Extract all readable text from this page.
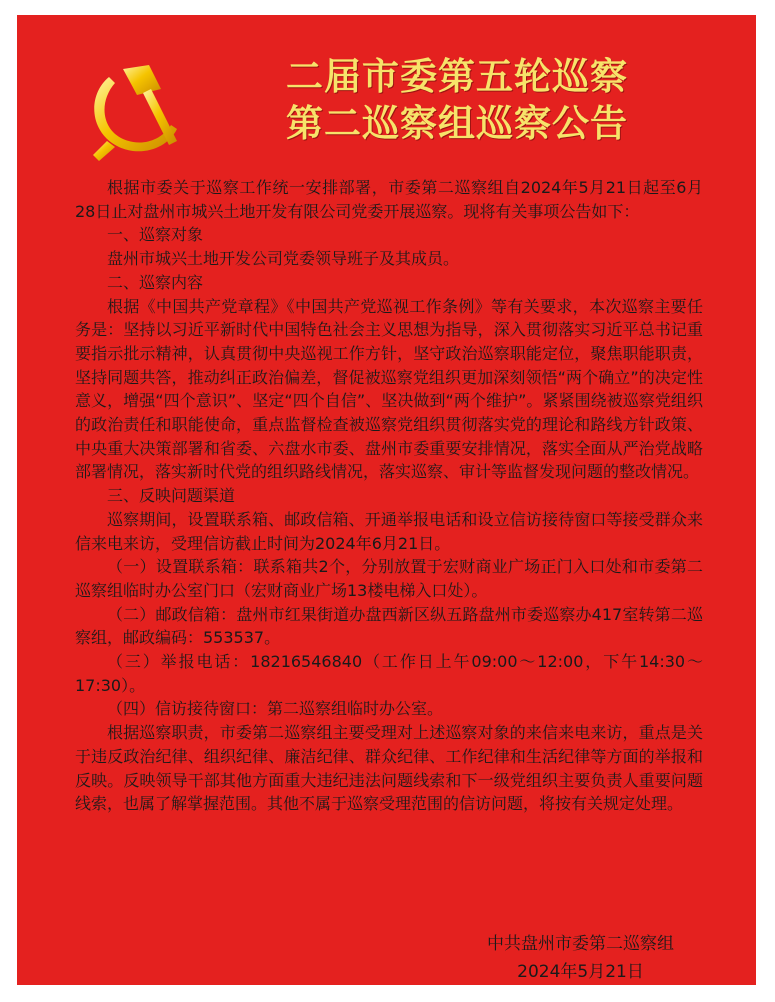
二届市委第五轮巡察
第二巡察组巡察公告

根据市委关于巡察工作统一安排部署，市委第二巡察组自2024年5月21日起至6月28日止对盘州市城兴土地开发有限公司党委开展巡察。现将有关事项公告如下：

一、巡察对象

盘州市城兴土地开发公司党委领导班子及其成员。

二、巡察内容

根据《中国共产党章程》《中国共产党巡视工作条例》等有关要求，本次巡察主要任务是：坚持以习近平新时代中国特色社会主义思想为指导，深入贯彻落实习近平总书记重要指示批示精神，认真贯彻中央巡视工作方针，坚守政治巡察职能定位，聚焦职能职责，坚持同题共答，推动纠正政治偏差，督促被巡察党组织更加深刻领悟“两个确立”的决定性意义，增强“四个意识”、坚定“四个自信”、坚决做到“两个维护”。紧紧围绕被巡察党组织的政治责任和职能使命，重点监督检查被巡察党组织贯彻落实党的理论和路线方针政策、中央重大决策部署和省委、六盘水市委、盘州市委重要安排情况，落实全面从严治党战略部署情况，落实新时代党的组织路线情况，落实巡察、审计等监督发现问题的整改情况。

三、反映问题渠道

巡察期间，设置联系箱、邮政信箱、开通举报电话和设立信访接待窗口等接受群众来信来电来访，受理信访截止时间为2024年6月21日。

（一）设置联系箱：联系箱共2个，分别放置于宏财商业广场正门入口处和市委第二巡察组临时办公室门口（宏财商业广场13楼电梯入口处）。

（二）邮政信箱：盘州市红果街道办盘西新区纵五路盘州市委巡察办417室转第二巡察组，邮政编码：553537。

（三）举报电话：18216546840（工作日上午09:00～12:00，下午14:30～17:30）。

（四）信访接待窗口：第二巡察组临时办公室。

根据巡察职责，市委第二巡察组主要受理对上述巡察对象的来信来电来访，重点是关于违反政治纪律、组织纪律、廉洁纪律、群众纪律、工作纪律和生活纪律等方面的举报和反映。反映领导干部其他方面重大违纪违法问题线索和下一级党组织主要负责人重要问题线索，也属了解掌握范围。其他不属于巡察受理范围的信访问题，将按有关规定处理。

中共盘州市委第二巡察组
2024年5月21日
